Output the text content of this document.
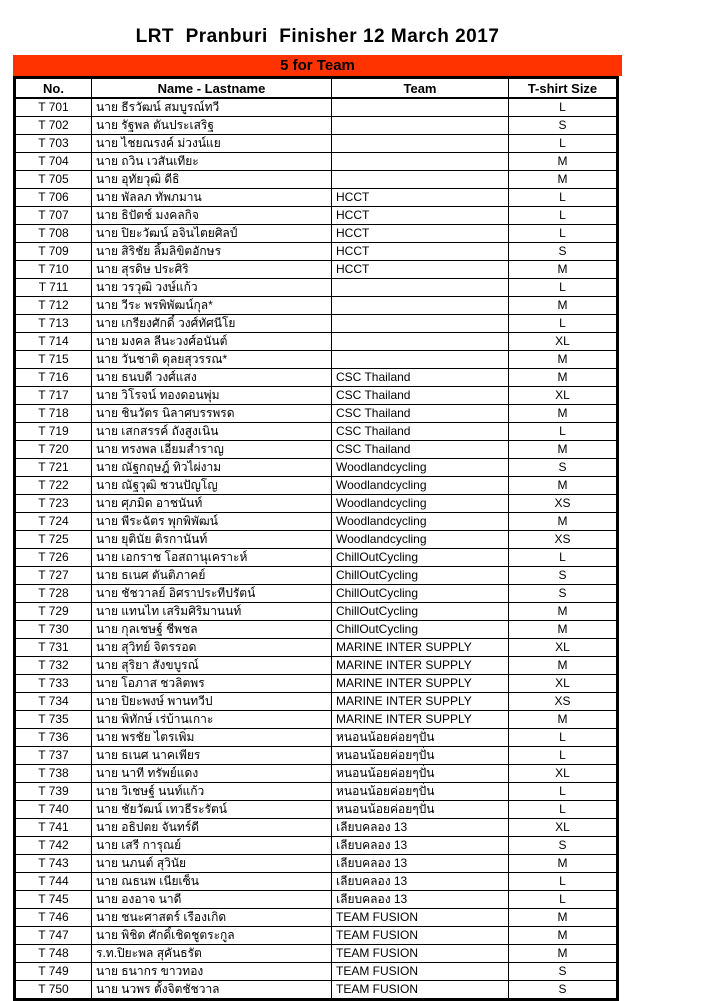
LRT  Pranburi  Finisher 12 March 2017
5 for Team
No.	Name - Lastname	Team	T-shirt Size
T 701	นาย ธีรวัฒน์ สมบูรณ์ทวี		L
T 702	นาย รัฐพล ตันประเสริฐ		S
T 703	นาย ไชยณรงค์ ม่วงน์แย		L
T 704	นาย ถวิน เวสันเทียะ		M
T 705	นาย อุทัยวุฒิ ดีธิ		M
T 706	นาย พัลลภ ทัพภมาน	HCCT	L
T 707	นาย ธิปัตช์ มงคลกิจ	HCCT	L
T 708	นาย ปิยะวัฒน์ อจินไตยศิลป์	HCCT	L
T 709	นาย สิริชัย ลิ้มลิขิตอักษร	HCCT	S
T 710	นาย สุรดิษ ประศิริ	HCCT	M
T 711	นาย วรวุฒิ วงษ์แก้ว		L
T 712	นาย วีระ พรพิพัฒน์กุล*		M
T 713	นาย เกรียงศักดิ์ วงศ์ทัศนีโย		L
T 714	นาย มงคล ลีนะวงศ์อนันต์		XL
T 715	นาย วันชาติ ดุลยสุวรรณ*		M
T 716	นาย ธนบดี วงศ์แสง	CSC Thailand	M
T 717	นาย วิโรจน์ ทองดอนพุ่ม	CSC Thailand	XL
T 718	นาย ชินวัตร นิลาศบรรพรด	CSC Thailand	M
T 719	นาย เสกสรรค์ ถังสูงเนิน	CSC Thailand	L
T 720	นาย ทรงพล เอี่ยมสำราญ	CSC Thailand	M
T 721	นาย ณัฐกฤษฎ์ ทิวไผ่งาม	Woodlandcycling	S
T 722	นาย ณัฐวุฒิ ชวนปัญโญ	Woodlandcycling	M
T 723	นาย ศุภมิด อาชนันท์	Woodlandcycling	XS
T 724	นาย พีระฉัตร พุกพิพัฒน์	Woodlandcycling	M
T 725	นาย ยุตินัย ติรกานันท์	Woodlandcycling	XS
T 726	นาย เอกราช โอสถานุเคราะห์	ChillOutCycling	L
T 727	นาย ธเนศ ตันติภาคย์	ChillOutCycling	S
T 728	นาย ชัชวาลย์ อิศราประทีปรัตน์	ChillOutCycling	S
T 729	นาย แทนไท เสริมศิริมานนท์	ChillOutCycling	M
T 730	นาย กุลเชษฐ์ ชีพชล	ChillOutCycling	M
T 731	นาย สุวิทย์ จิตรรอด	MARINE INTER SUPPLY	XL
T 732	นาย สุริยา สังขบูรณ์	MARINE INTER SUPPLY	M
T 733	นาย โอภาส ชวลิตพร	MARINE INTER SUPPLY	XL
T 734	นาย ปิยะพงษ์ พานทวีป	MARINE INTER SUPPLY	XS
T 735	นาย พิทักษ์ เร่บ้านเกาะ	MARINE INTER SUPPLY	M
T 736	นาย พรชัย ไตรเพิ่ม	หนอนน้อยค่อยๆปั่น	L
T 737	นาย ธเนศ นาคเพียร	หนอนน้อยค่อยๆปั่น	L
T 738	นาย นาที ทรัพย์แดง	หนอนน้อยค่อยๆปั่น	XL
T 739	นาย วิเชษฐ์ นนท์แก้ว	หนอนน้อยค่อยๆปั่น	L
T 740	นาย ชัยวัฒน์ เทวธีระรัตน์	หนอนน้อยค่อยๆปั่น	L
T 741	นาย อธิปตย จันทร์ดี	เลียบคลอง 13	XL
T 742	นาย เสรี การุณย์	เลียบคลอง 13	S
T 743	นาย นภนต์ สุวินัย	เลียบคลอง 13	M
T 744	นาย ณธนพ เนียเซ็น	เลียบคลอง 13	L
T 745	นาย องอาจ นาดี	เลียบคลอง 13	L
T 746	นาย ชนะศาสตร์ เรืองเกิด	TEAM FUSION	M
T 747	นาย พิชิต ศักดิ์เชิดชูตระกูล	TEAM FUSION	M
T 748	ร.ท.ปิยะพล สุคันธรัต	TEAM FUSION	M
T 749	นาย ธนากร ขาวทอง	TEAM FUSION	S
T 750	นาย นวพร ตั้งจิตชัชวาล	TEAM FUSION	S
